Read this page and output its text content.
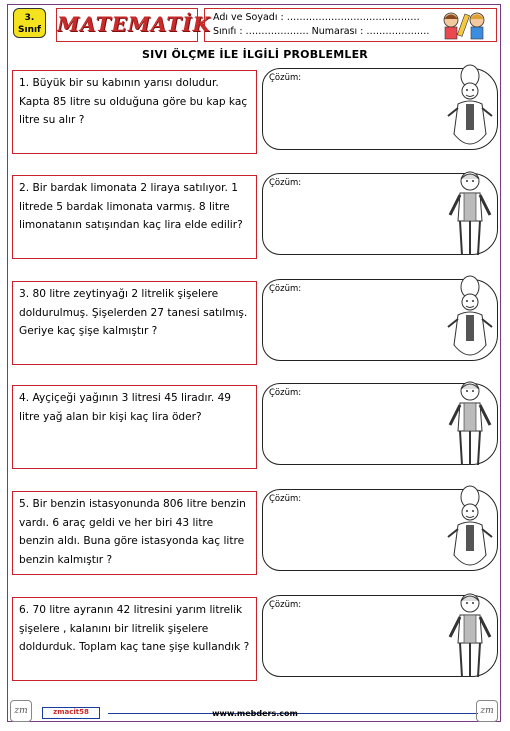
3.
Sınıf MATEMATİK Adı ve Soyadı : ……………………………………
Sınıfı : ……………….. Numarası : …………….….
SIVI ÖLÇME İLE İLGİLİ PROBLEMLER
1. Büyük bir su kabının yarısı doludur. Kapta 85 litre su olduğuna göre bu kap kaç litre su alır ?
Çözüm:
2. Bir bardak limonata 2 liraya satılıyor. 1 litrede 5 bardak limonata varmış. 8 litre limonatanın satışından kaç lira elde edilir?
Çözüm:
3. 80 litre zeytinyağı 2 litrelik şişelere doldurulmuş. Şişelerden 27 tanesi satılmış. Geriye kaç şişe kalmıştır ?
Çözüm:
4. Ayçiçeği yağının 3 litresi 45 liradır. 49 litre yağ alan bir kişi kaç lira öder?
Çözüm:
5. Bir benzin istasyonunda 806 litre benzin vardı. 6 araç geldi ve her biri 43 litre benzin aldı. Buna göre istasyonda kaç litre benzin kalmıştır ?
Çözüm:
6. 70 litre ayranın 42 litresini yarım litrelik şişelere , kalanını bir litrelik şişelere doldurduk. Toplam kaç tane şişe kullandık ?
Çözüm:
zmacit58	www.mebders.com
zm	zm
